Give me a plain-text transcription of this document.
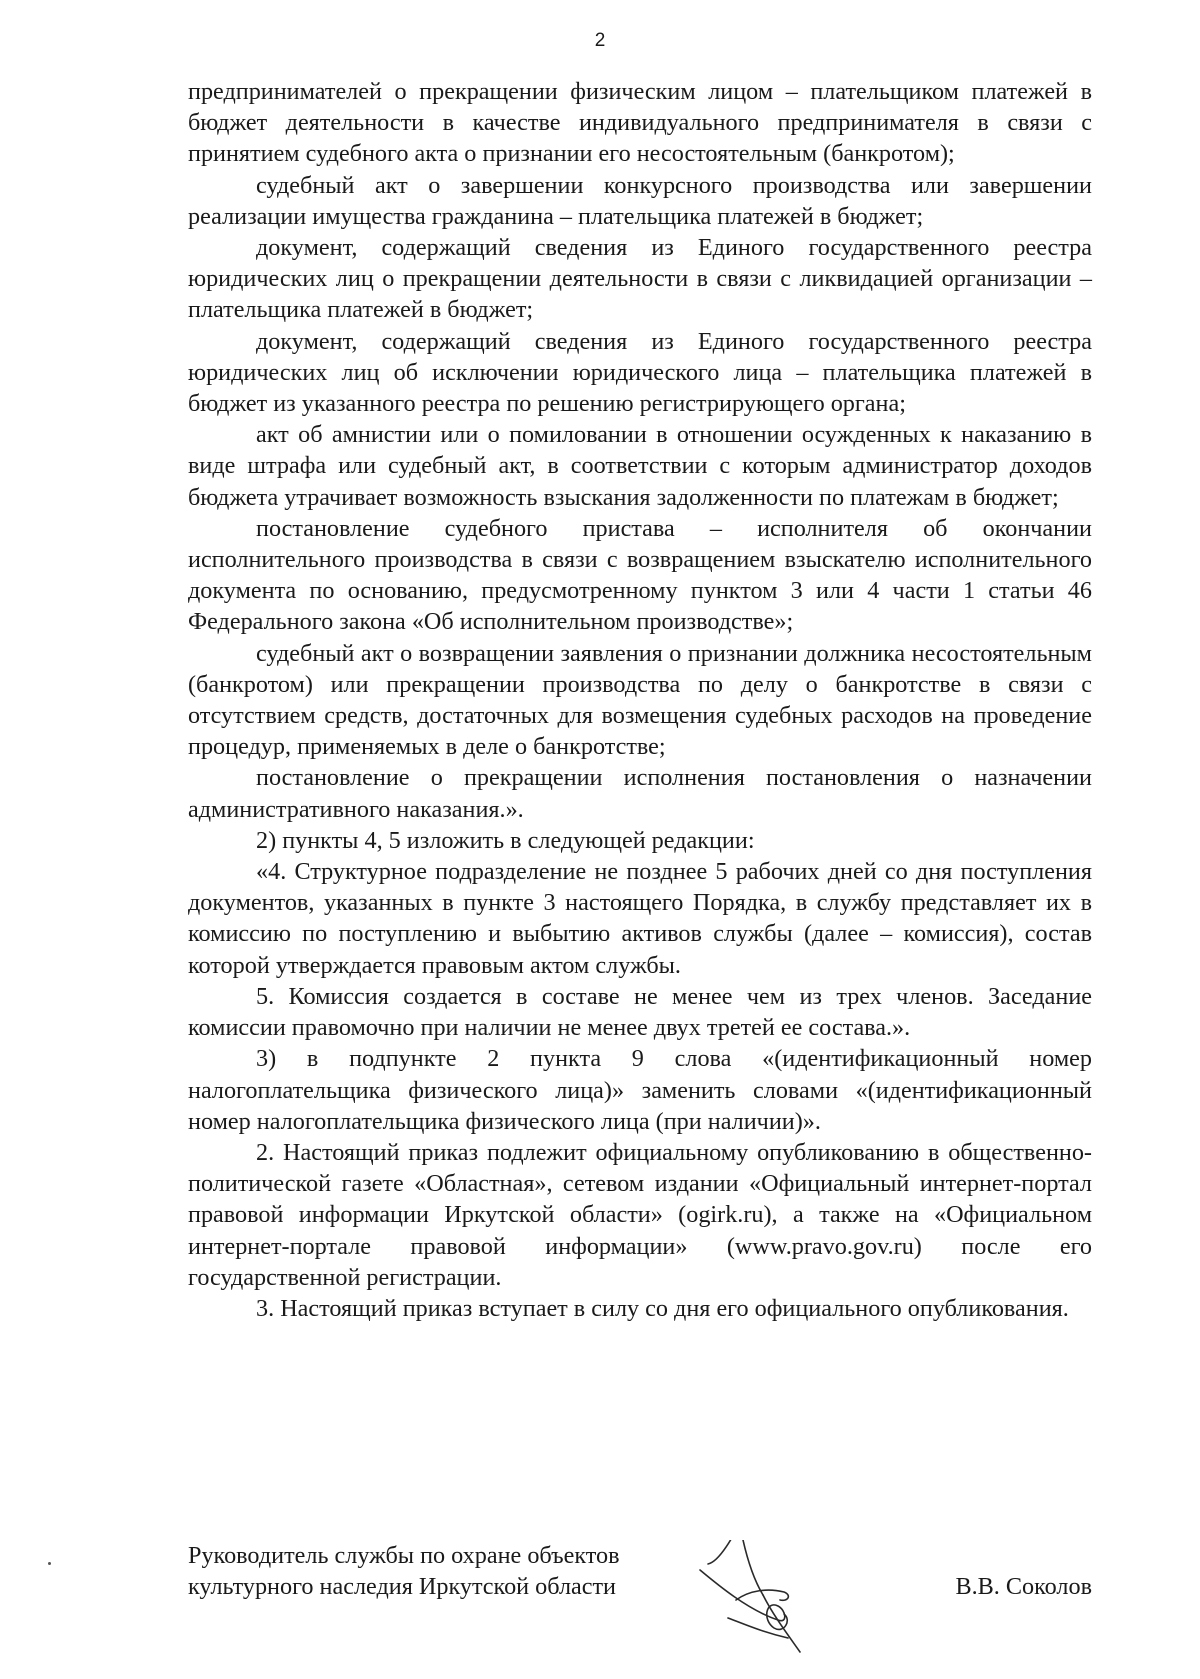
2

предпринимателей о прекращении физическим лицом – плательщиком платежей в бюджет деятельности в качестве индивидуального предпринимателя в связи с принятием судебного акта о признании его несостоятельным (банкротом);

судебный акт о завершении конкурсного производства или завершении реализации имущества гражданина – плательщика платежей в бюджет;

документ, содержащий сведения из Единого государственного реестра юридических лиц о прекращении деятельности в связи с ликвидацией организации – плательщика платежей в бюджет;

документ, содержащий сведения из Единого государственного реестра юридических лиц об исключении юридического лица – плательщика платежей в бюджет из указанного реестра по решению регистрирующего органа;

акт об амнистии или о помиловании в отношении осужденных к наказанию в виде штрафа или судебный акт, в соответствии с которым администратор доходов бюджета утрачивает возможность взыскания задолженности по платежам в бюджет;

постановление судебного пристава – исполнителя об окончании исполнительного производства в связи с возвращением взыскателю исполнительного документа по основанию, предусмотренному пунктом 3 или 4 части 1 статьи 46 Федерального закона «Об исполнительном производстве»;

судебный акт о возвращении заявления о признании должника несостоятельным (банкротом) или прекращении производства по делу о банкротстве в связи с отсутствием средств, достаточных для возмещения судебных расходов на проведение процедур, применяемых в деле о банкротстве;

постановление о прекращении исполнения постановления о назначении административного наказания.».

2) пункты 4, 5 изложить в следующей редакции:

«4. Структурное подразделение не позднее 5 рабочих дней со дня поступления документов, указанных в пункте 3 настоящего Порядка, в службу представляет их в комиссию по поступлению и выбытию активов службы (далее – комиссия), состав которой утверждается правовым актом службы.

5. Комиссия создается в составе не менее чем из трех членов. Заседание комиссии правомочно при наличии не менее двух третей ее состава.».

3) в подпункте 2 пункта 9 слова «(идентификационный номер налогоплательщика физического лица)» заменить словами «(идентификационный номер налогоплательщика физического лица (при наличии)».

2. Настоящий приказ подлежит официальному опубликованию в общественно-политической газете «Областная», сетевом издании «Официальный интернет-портал правовой информации Иркутской области» (ogirk.ru), а также на «Официальном интернет-портале правовой информации» (www.pravo.gov.ru) после его государственной регистрации.

3. Настоящий приказ вступает в силу со дня его официального опубликования.

Руководитель службы по охране объектов
культурного наследия Иркутской области	В.В. Соколов
